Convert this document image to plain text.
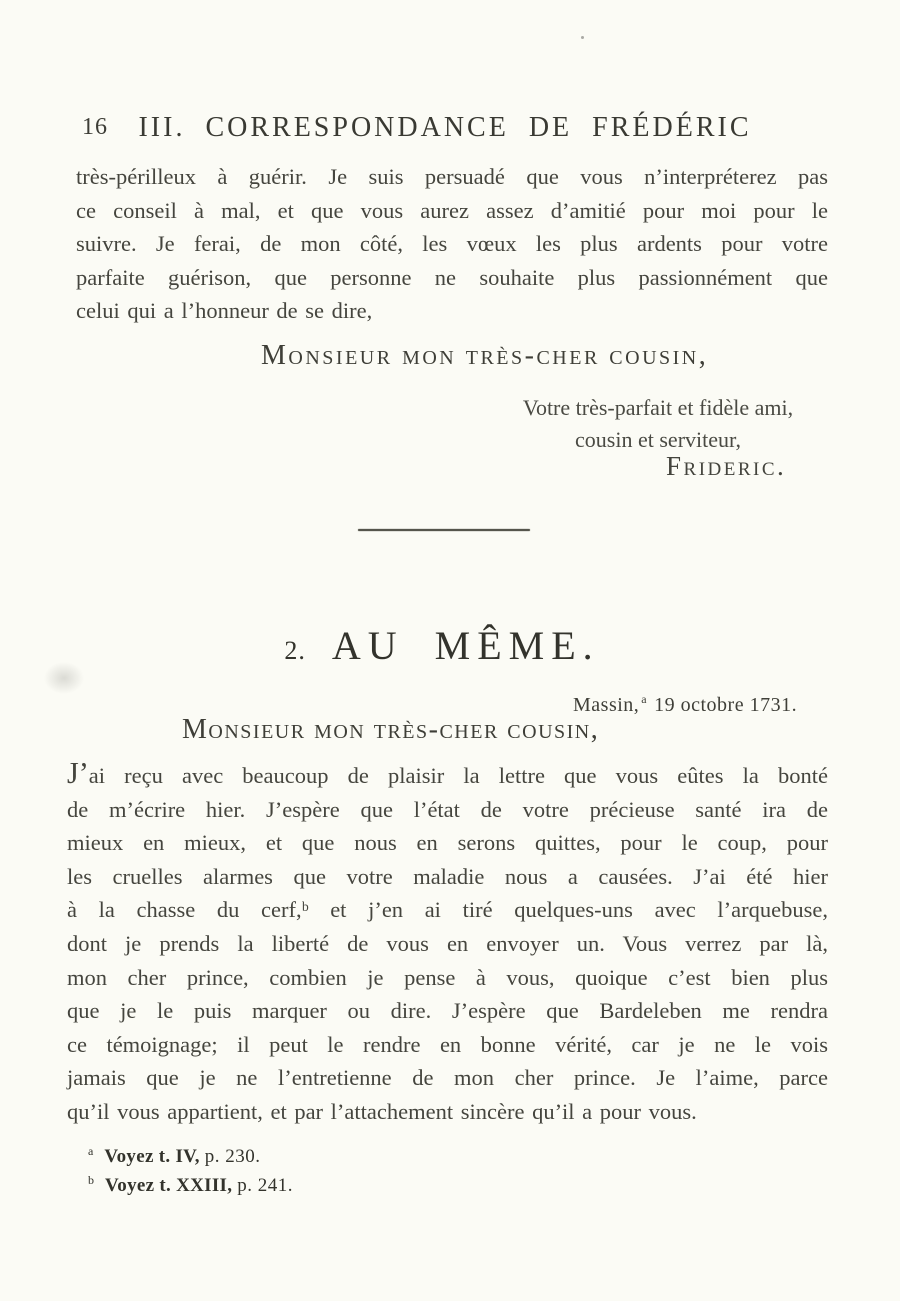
16	III. CORRESPONDANCE DE FRÉDÉRIC
très-périlleux à guérir. Je suis persuadé que vous n’interpréterez pas
ce conseil à mal, et que vous aurez assez d’amitié pour moi pour le
suivre. Je ferai, de mon côté, les vœux les plus ardents pour votre
parfaite guérison, que personne ne souhaite plus passionnément que
celui qui a l’honneur de se dire,
Monsieur mon très-cher cousin,
Votre très-parfait et fidèle ami,
cousin et serviteur,
Frideric.
2. AU MÊME.
Massin, $^a$ 19 octobre 1731.
Monsieur mon très-cher cousin,
J’ai reçu avec beaucoup de plaisir la lettre que vous eûtes la bonté
de m’écrire hier. J’espère que l’état de votre précieuse santé ira de
mieux en mieux, et que nous en serons quittes, pour le coup, pour
les cruelles alarmes que votre maladie nous a causées. J’ai été hier
à la chasse du cerf,ᵇ et j’en ai tiré quelques-uns avec l’arquebuse,
dont je prends la liberté de vous en envoyer un. Vous verrez par là,
mon cher prince, combien je pense à vous, quoique c’est bien plus
que je le puis marquer ou dire. J’espère que Bardeleben me rendra
ce témoignage; il peut le rendre en bonne vérité, car je ne le vois
jamais que je ne l’entretienne de mon cher prince. Je l’aime, parce
qu’il vous appartient, et par l’attachement sincère qu’il a pour vous.
$^a$ Voyez t. IV, p. 230.
$^b$ Voyez t. XXIII, p. 241.
